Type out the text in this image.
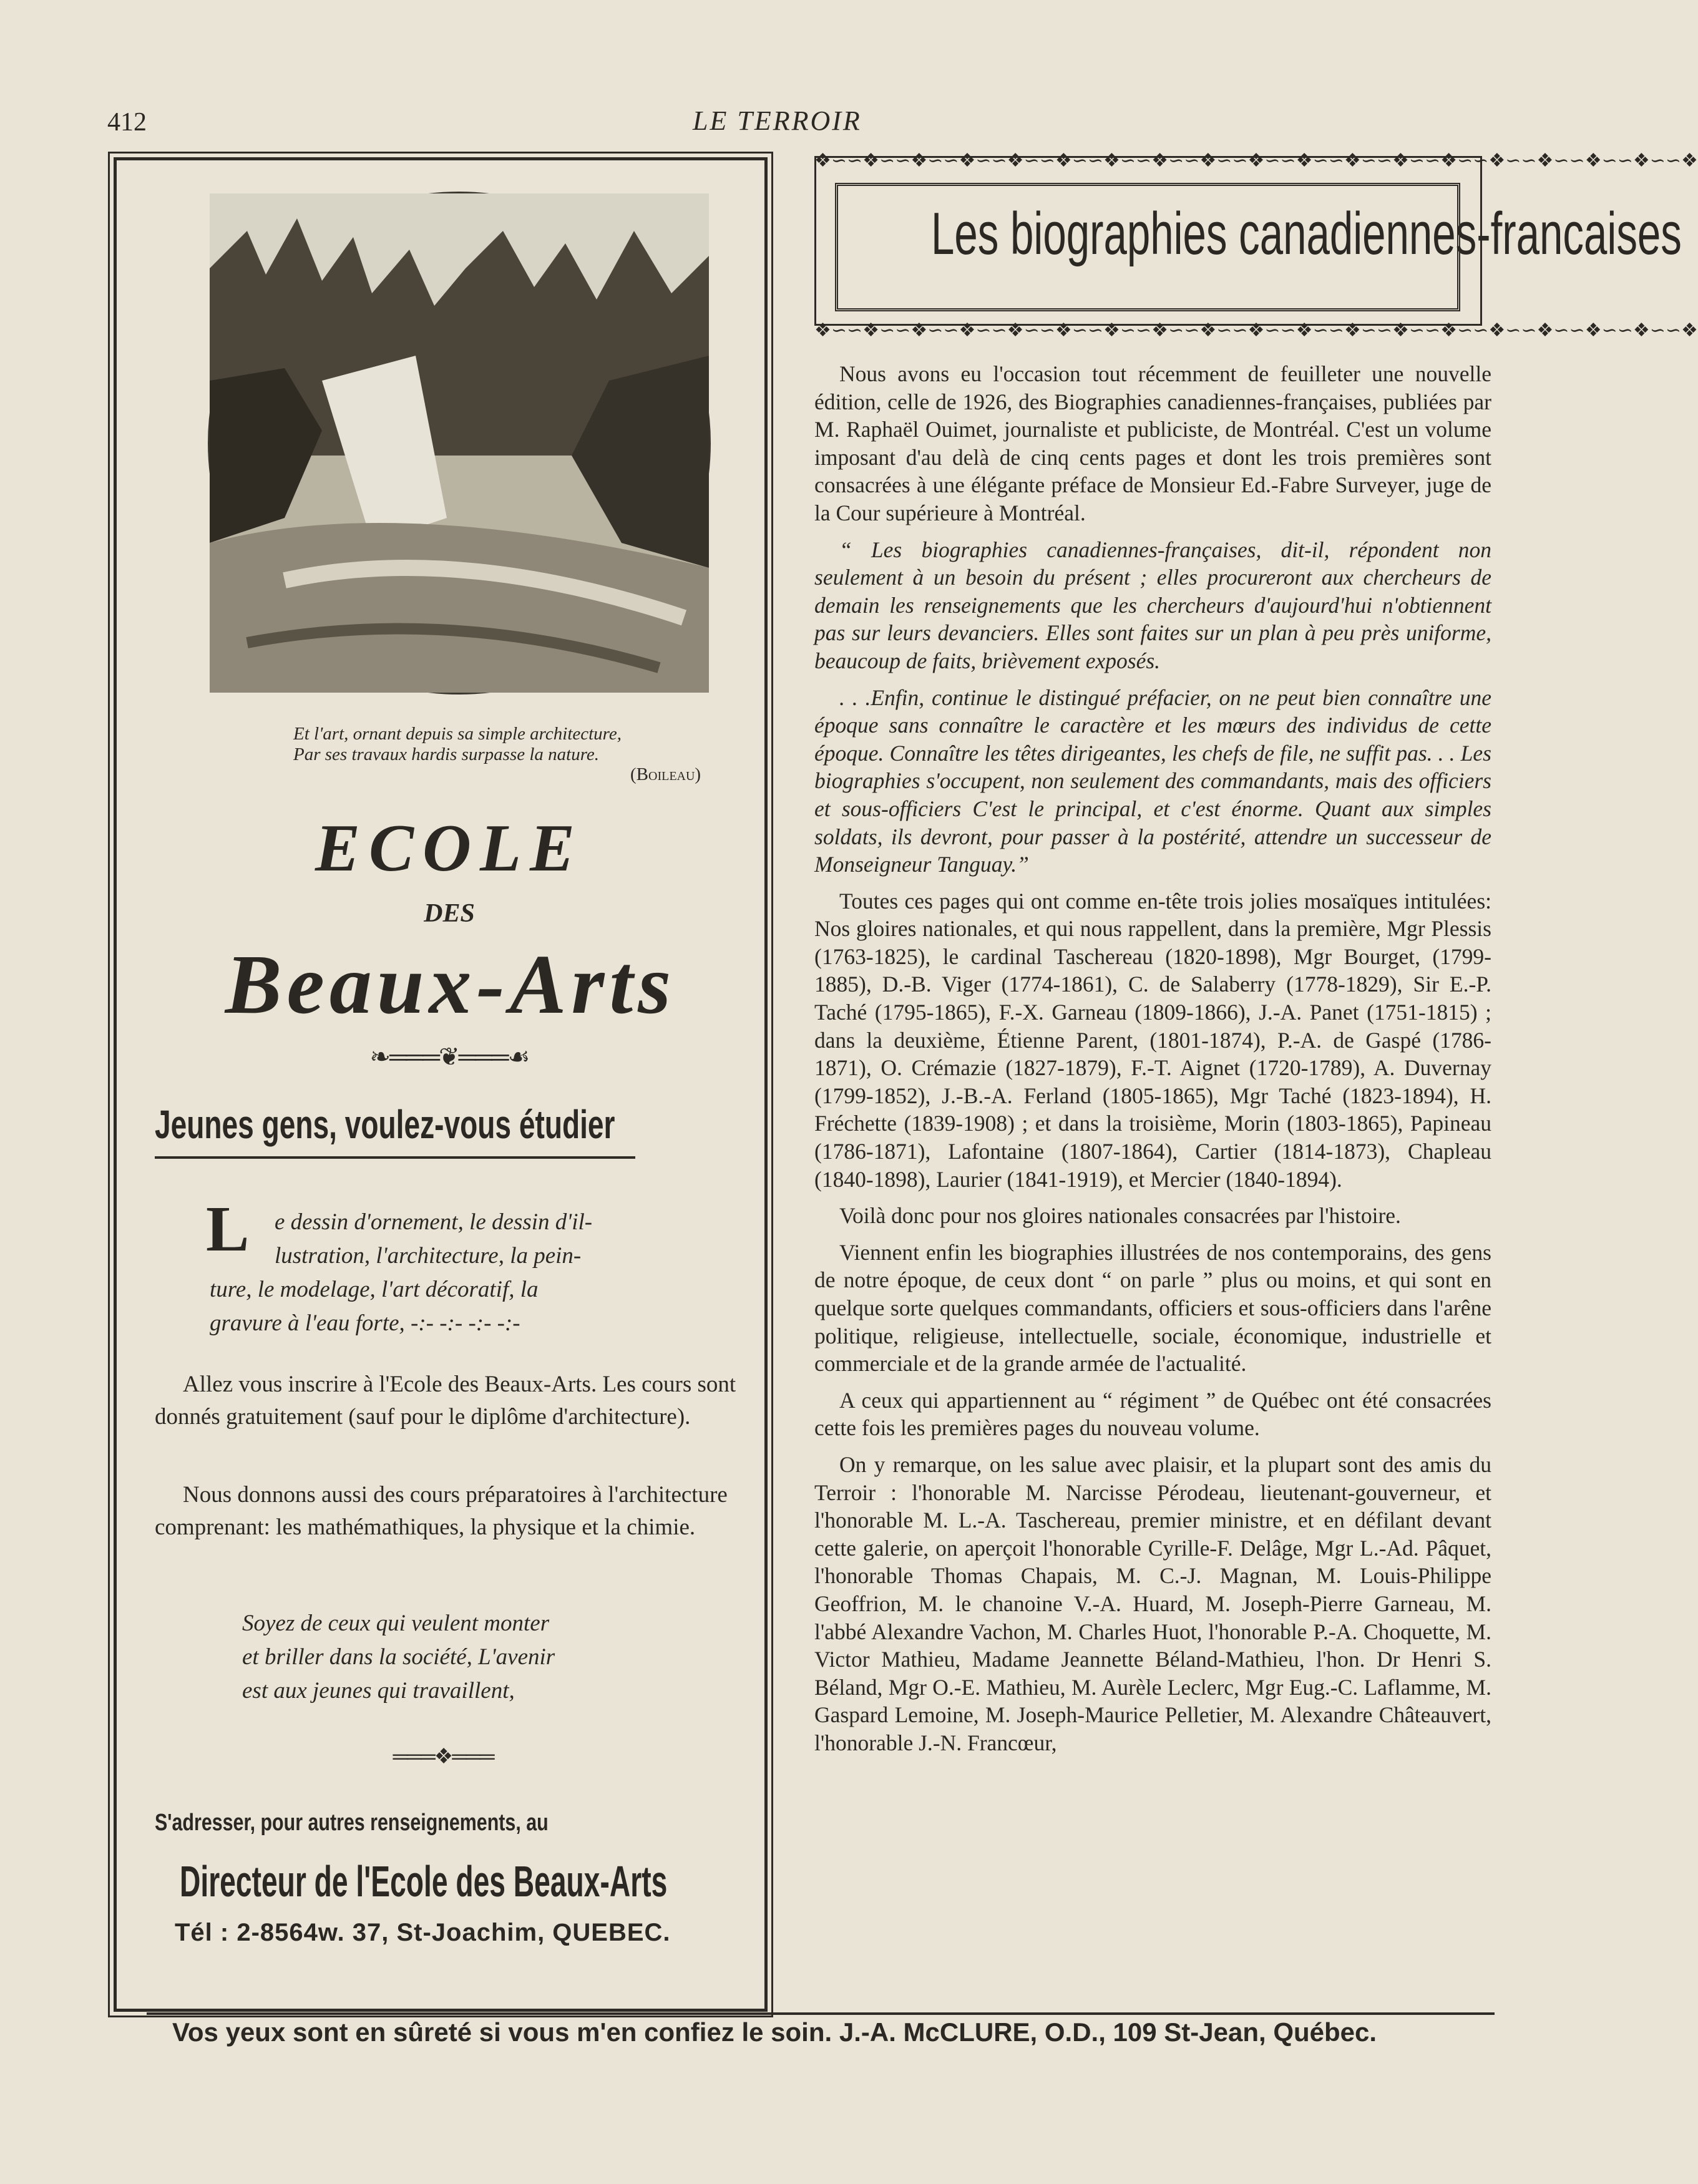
412	LE TERROIR
Et l'art, ornant depuis sa simple architecture,
Par ses travaux hardis surpasse la nature.
(Boileau)
ECOLE
DES
Beaux-Arts
❧═══❦═══☙
Jeunes gens, voulez-vous étudier
L e dessin d'ornement, le dessin d'il-
lustration, l'architecture, la pein-
ture, le modelage, l'art décoratif, la
gravure à l'eau forte, -:- -:- -:- -:-
Allez vous inscrire à l'Ecole des Beaux-Arts. Les cours sont donnés gratuitement (sauf pour le diplôme d'architecture).
Nous donnons aussi des cours préparatoires à l'architecture comprenant: les mathémathiques, la physique et la chimie.
Soyez de ceux qui veulent monter
et briller dans la société, L'avenir
est aux jeunes qui travaillent,
═══❖═══
S'adresser, pour autres renseignements, au
Directeur de l'Ecole des Beaux-Arts
Tél : 2-8564w. 37, St-Joachim, QUEBEC.
❖∽∽❖∽∽❖∽∽❖∽∽❖∽∽❖∽∽❖∽∽❖∽∽❖∽∽❖∽∽❖∽∽❖∽∽❖∽∽❖∽∽❖∽∽❖∽∽❖∽∽❖∽∽❖
Les biographies canadiennes-francaises
❖∽∽❖∽∽❖∽∽❖∽∽❖∽∽❖∽∽❖∽∽❖∽∽❖∽∽❖∽∽❖∽∽❖∽∽❖∽∽❖∽∽❖∽∽❖∽∽❖∽∽❖∽∽❖

Nous avons eu l'occasion tout récemment de feuilleter une nouvelle édition, celle de 1926, des Biographies canadiennes-françaises, publiées par M. Raphaël Ouimet, journaliste et publiciste, de Montréal. C'est un volume imposant d'au delà de cinq cents pages et dont les trois premières sont consacrées à une élégante préface de Monsieur Ed.-Fabre Surveyer, juge de la Cour supérieure à Montréal.

“ Les biographies canadiennes-françaises, dit-il, répondent non seulement à un besoin du présent ; elles procureront aux chercheurs de demain les renseignements que les chercheurs d'aujourd'hui n'obtiennent pas sur leurs devanciers. Elles sont faites sur un plan à peu près uniforme, beaucoup de faits, brièvement exposés.

. . .Enfin, continue le distingué préfacier, on ne peut bien connaître une époque sans connaître le caractère et les mœurs des individus de cette époque. Connaître les têtes dirigeantes, les chefs de file, ne suffit pas. . . Les biographies s'occupent, non seulement des commandants, mais des officiers et sous-officiers C'est le principal, et c'est énorme. Quant aux simples soldats, ils devront, pour passer à la postérité, attendre un successeur de Monseigneur Tanguay.”

Toutes ces pages qui ont comme en-tête trois jolies mosaïques intitulées: Nos gloires nationales, et qui nous rappellent, dans la première, Mgr Plessis (1763-1825), le cardinal Taschereau (1820-1898), Mgr Bourget, (1799-1885), D.-B. Viger (1774-1861), C. de Salaberry (1778-1829), Sir E.-P. Taché (1795-1865), F.-X. Garneau (1809-1866), J.-A. Panet (1751-1815) ; dans la deuxième, Étienne Parent, (1801-1874), P.-A. de Gaspé (1786-1871), O. Crémazie (1827-1879), F.-T. Aignet (1720-1789), A. Duvernay (1799-1852), J.-B.-A. Ferland (1805-1865), Mgr Taché (1823-1894), H. Fréchette (1839-1908) ; et dans la troisième, Morin (1803-1865), Papineau (1786-1871), Lafontaine (1807-1864), Cartier (1814-1873), Chapleau (1840-1898), Laurier (1841-1919), et Mercier (1840-1894).

Voilà donc pour nos gloires nationales consacrées par l'histoire.

Viennent enfin les biographies illustrées de nos contemporains, des gens de notre époque, de ceux dont “ on parle ” plus ou moins, et qui sont en quelque sorte quelques commandants, officiers et sous-officiers dans l'arêne politique, religieuse, intellectuelle, sociale, économique, industrielle et commerciale et de la grande armée de l'actualité.

A ceux qui appartiennent au “ régiment ” de Québec ont été consacrées cette fois les premières pages du nouveau volume.

On y remarque, on les salue avec plaisir, et la plupart sont des amis du Terroir : l'honorable M. Narcisse Pérodeau, lieutenant-gouverneur, et l'honorable M. L.-A. Taschereau, premier ministre, et en défilant devant cette galerie, on aperçoit l'honorable Cyrille-F. Delâge, Mgr L.-Ad. Pâquet, l'honorable Thomas Chapais, M. C.-J. Magnan, M. Louis-Philippe Geoffrion, M. le chanoine V.-A. Huard, M. Joseph-Pierre Garneau, M. l'abbé Alexandre Vachon, M. Charles Huot, l'honorable P.-A. Choquette, M. Victor Mathieu, Madame Jeannette Béland-Mathieu, l'hon. Dr Henri S. Béland, Mgr O.-E. Mathieu, M. Aurèle Leclerc, Mgr Eug.-C. Laflamme, M. Gaspard Lemoine, M. Joseph-Maurice Pelletier, M. Alexandre Châteauvert, l'honorable J.-N. Francœur,

Vos yeux sont en sûreté si vous m'en confiez le soin. J.-A. McCLURE, O.D., 109 St-Jean, Québec.
